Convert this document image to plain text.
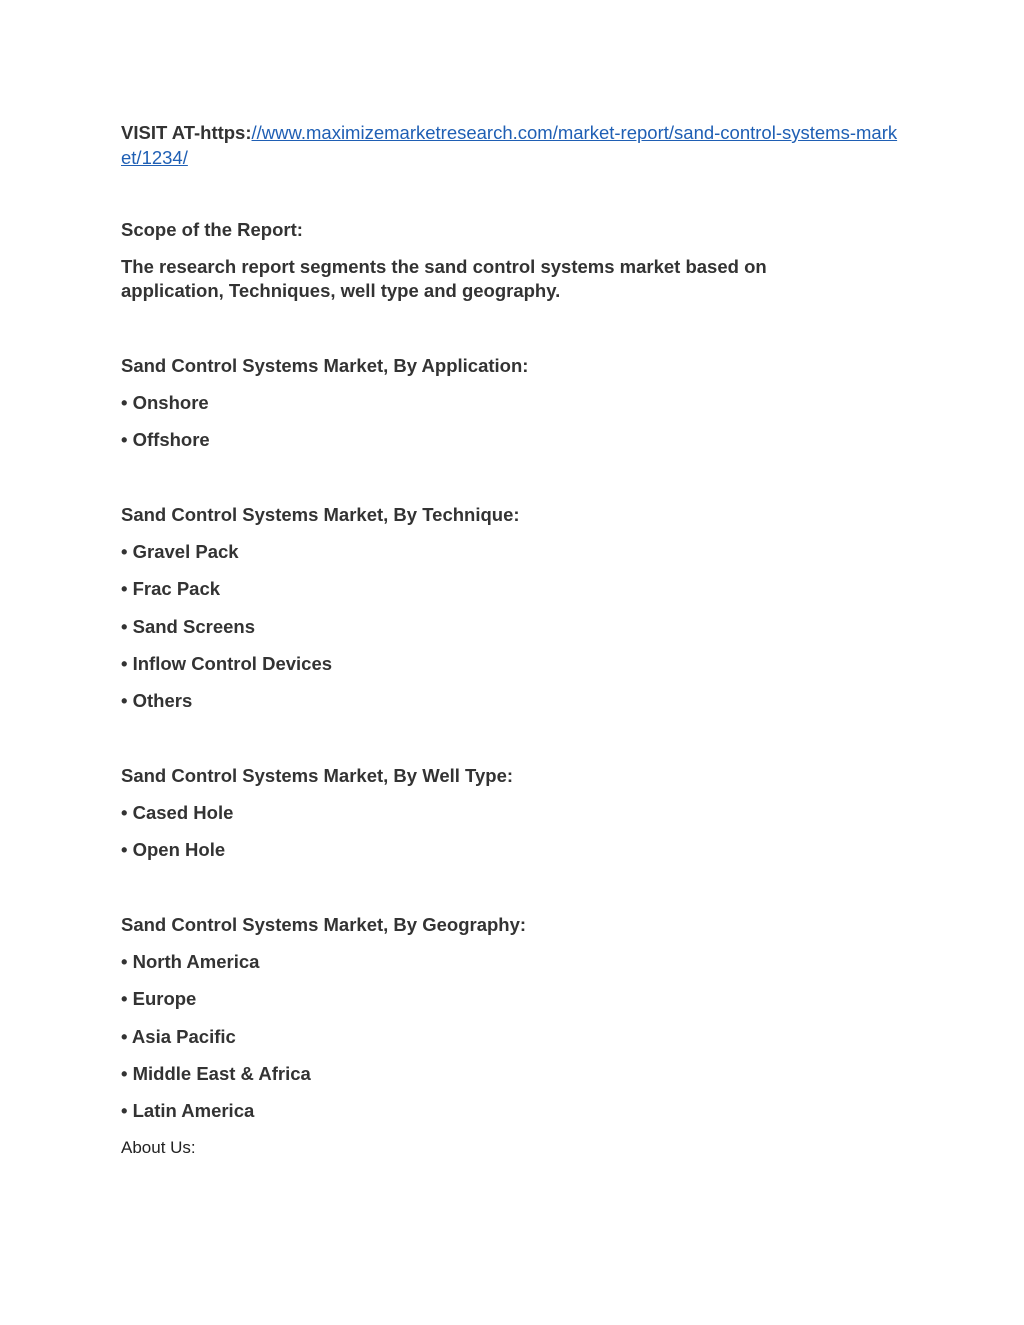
VISIT AT-https://www.maximizemarketresearch.com/market-report/sand-control-systems-market/1234/
Scope of the Report:
The research report segments the sand control systems market based on application, Techniques, well type and geography.
Sand Control Systems Market, By Application:
• Onshore
• Offshore
Sand Control Systems Market, By Technique:
• Gravel Pack
• Frac Pack
• Sand Screens
• Inflow Control Devices
• Others
Sand Control Systems Market, By Well Type:
• Cased Hole
• Open Hole
Sand Control Systems Market, By Geography:
• North America
• Europe
• Asia Pacific
• Middle East & Africa
• Latin America
About Us:
